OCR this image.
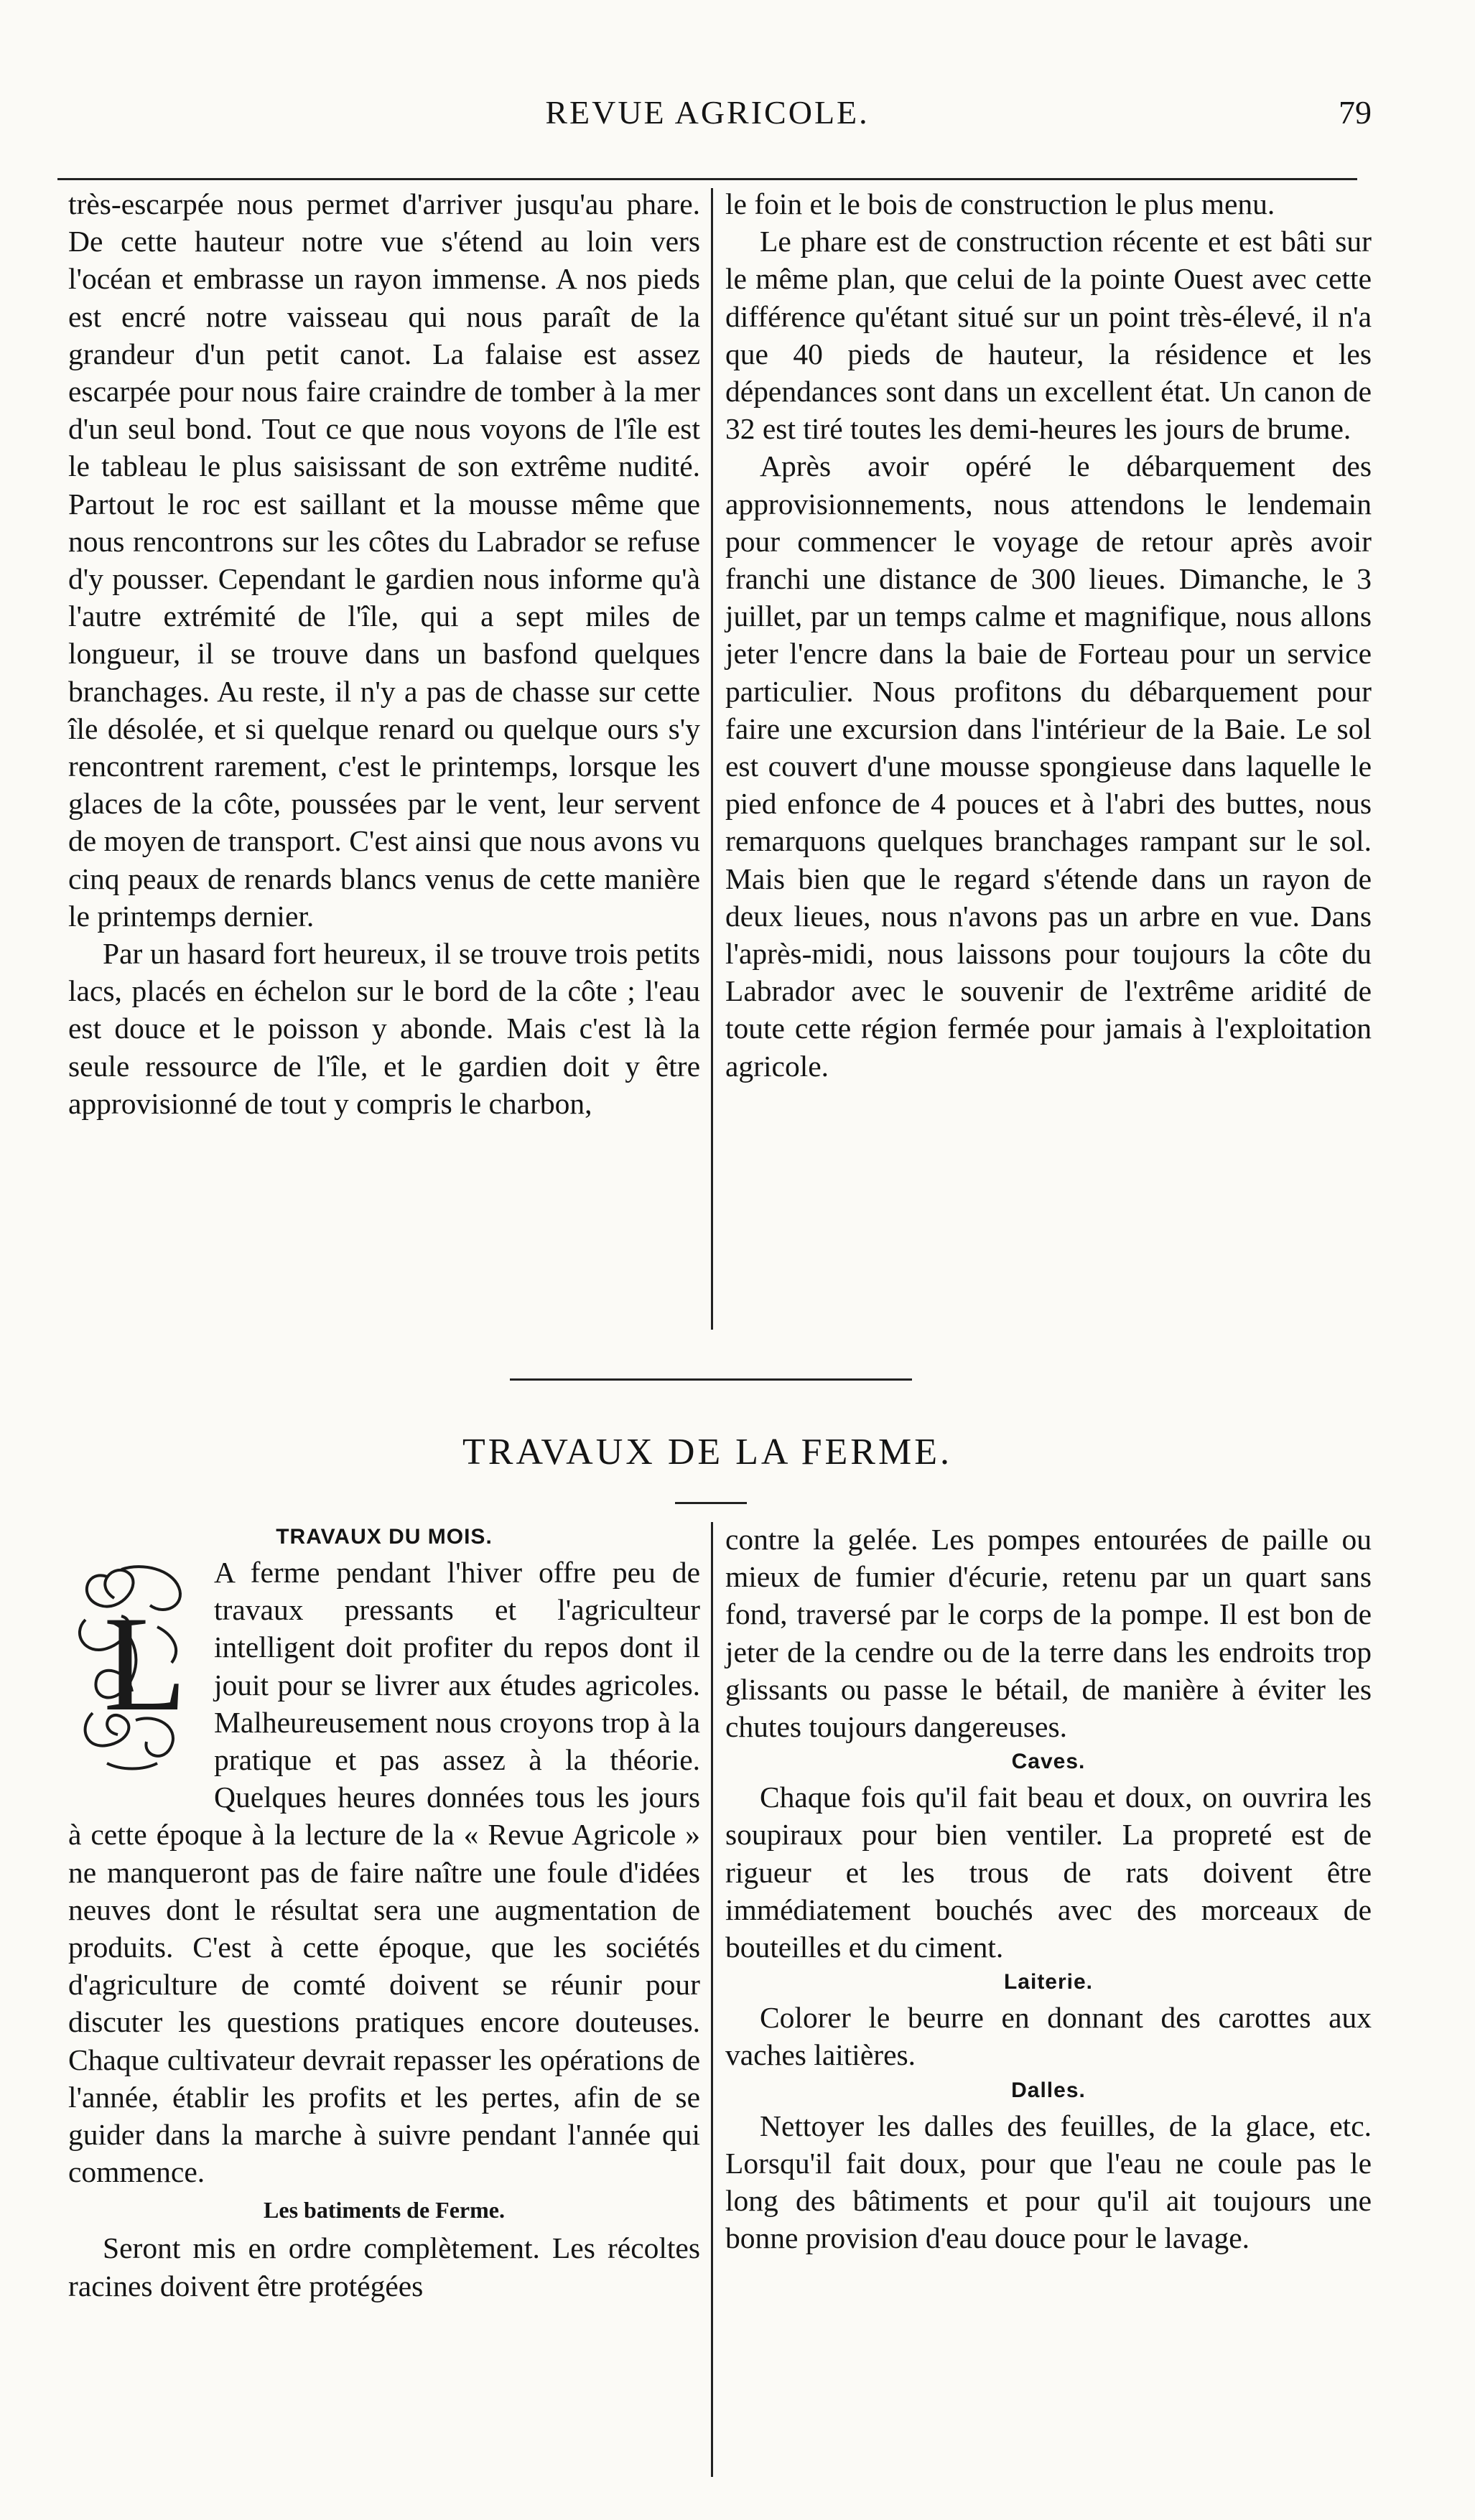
REVUE AGRICOLE.	79

très-escarpée nous permet d'arriver jusqu'au phare. De cette hauteur notre vue s'étend au loin vers l'océan et embrasse un rayon immense. A nos pieds est encré notre vaisseau qui nous paraît de la grandeur d'un petit canot. La falaise est assez escarpée pour nous faire craindre de tomber à la mer d'un seul bond. Tout ce que nous voyons de l'île est le tableau le plus saisissant de son extrême nudité. Partout le roc est saillant et la mousse même que nous rencontrons sur les côtes du Labrador se refuse d'y pousser. Cependant le gardien nous informe qu'à l'autre extrémité de l'île, qui a sept miles de longueur, il se trouve dans un basfond quelques branchages. Au reste, il n'y a pas de chasse sur cette île désolée, et si quelque renard ou quelque ours s'y rencontrent rarement, c'est le printemps, lorsque les glaces de la côte, poussées par le vent, leur servent de moyen de transport. C'est ainsi que nous avons vu cinq peaux de renards blancs venus de cette manière le printemps dernier.

Par un hasard fort heureux, il se trouve trois petits lacs, placés en échelon sur le bord de la côte ; l'eau est douce et le poisson y abonde. Mais c'est là la seule ressource de l'île, et le gardien doit y être approvisionné de tout y compris le charbon,

le foin et le bois de construction le plus menu.

Le phare est de construction récente et est bâti sur le même plan, que celui de la pointe Ouest avec cette différence qu'étant situé sur un point très-élevé, il n'a que 40 pieds de hauteur, la résidence et les dépendances sont dans un excellent état. Un canon de 32 est tiré toutes les demi-heures les jours de brume.

Après avoir opéré le débarquement des approvisionnements, nous attendons le lendemain pour commencer le voyage de retour après avoir franchi une distance de 300 lieues. Dimanche, le 3 juillet, par un temps calme et magnifique, nous allons jeter l'encre dans la baie de Forteau pour un service particulier. Nous profitons du débarquement pour faire une excursion dans l'intérieur de la Baie. Le sol est couvert d'une mousse spongieuse dans laquelle le pied enfonce de 4 pouces et à l'abri des buttes, nous remarquons quelques branchages rampant sur le sol. Mais bien que le regard s'étende dans un rayon de deux lieues, nous n'avons pas un arbre en vue. Dans l'après-midi, nous laissons pour toujours la côte du Labrador avec le souvenir de l'extrême aridité de toute cette région fermée pour jamais à l'exploitation agricole.

TRAVAUX DE LA FERME.
TRAVAUX DU MOIS.
L

A ferme pendant l'hiver offre peu de travaux pressants et l'agriculteur intelligent doit profiter du repos dont il jouit pour se livrer aux études agricoles. Malheureusement nous croyons trop à la pratique et pas assez à la théorie. Quelques heures données tous les jours à cette époque à la lecture de la « Revue Agricole » ne manqueront pas de faire naître une foule d'idées neuves dont le résultat sera une augmentation de produits. C'est à cette époque, que les sociétés d'agriculture de comté doivent se réunir pour discuter les questions pratiques encore douteuses. Chaque cultivateur devrait repasser les opérations de l'année, établir les profits et les pertes, afin de se guider dans la marche à suivre pendant l'année qui commence.

Les batiments de Ferme.

Seront mis en ordre complètement. Les récoltes racines doivent être protégées

contre la gelée. Les pompes entourées de paille ou mieux de fumier d'écurie, retenu par un quart sans fond, traversé par le corps de la pompe. Il est bon de jeter de la cendre ou de la terre dans les endroits trop glissants ou passe le bétail, de manière à éviter les chutes toujours dangereuses.

Caves.

Chaque fois qu'il fait beau et doux, on ouvrira les soupiraux pour bien ventiler. La propreté est de rigueur et les trous de rats doivent être immédiatement bouchés avec des morceaux de bouteilles et du ciment.

Laiterie.

Colorer le beurre en donnant des carottes aux vaches laitières.

Dalles.

Nettoyer les dalles des feuilles, de la glace, etc. Lorsqu'il fait doux, pour que l'eau ne coule pas le long des bâtiments et pour qu'il ait toujours une bonne provision d'eau douce pour le lavage.
